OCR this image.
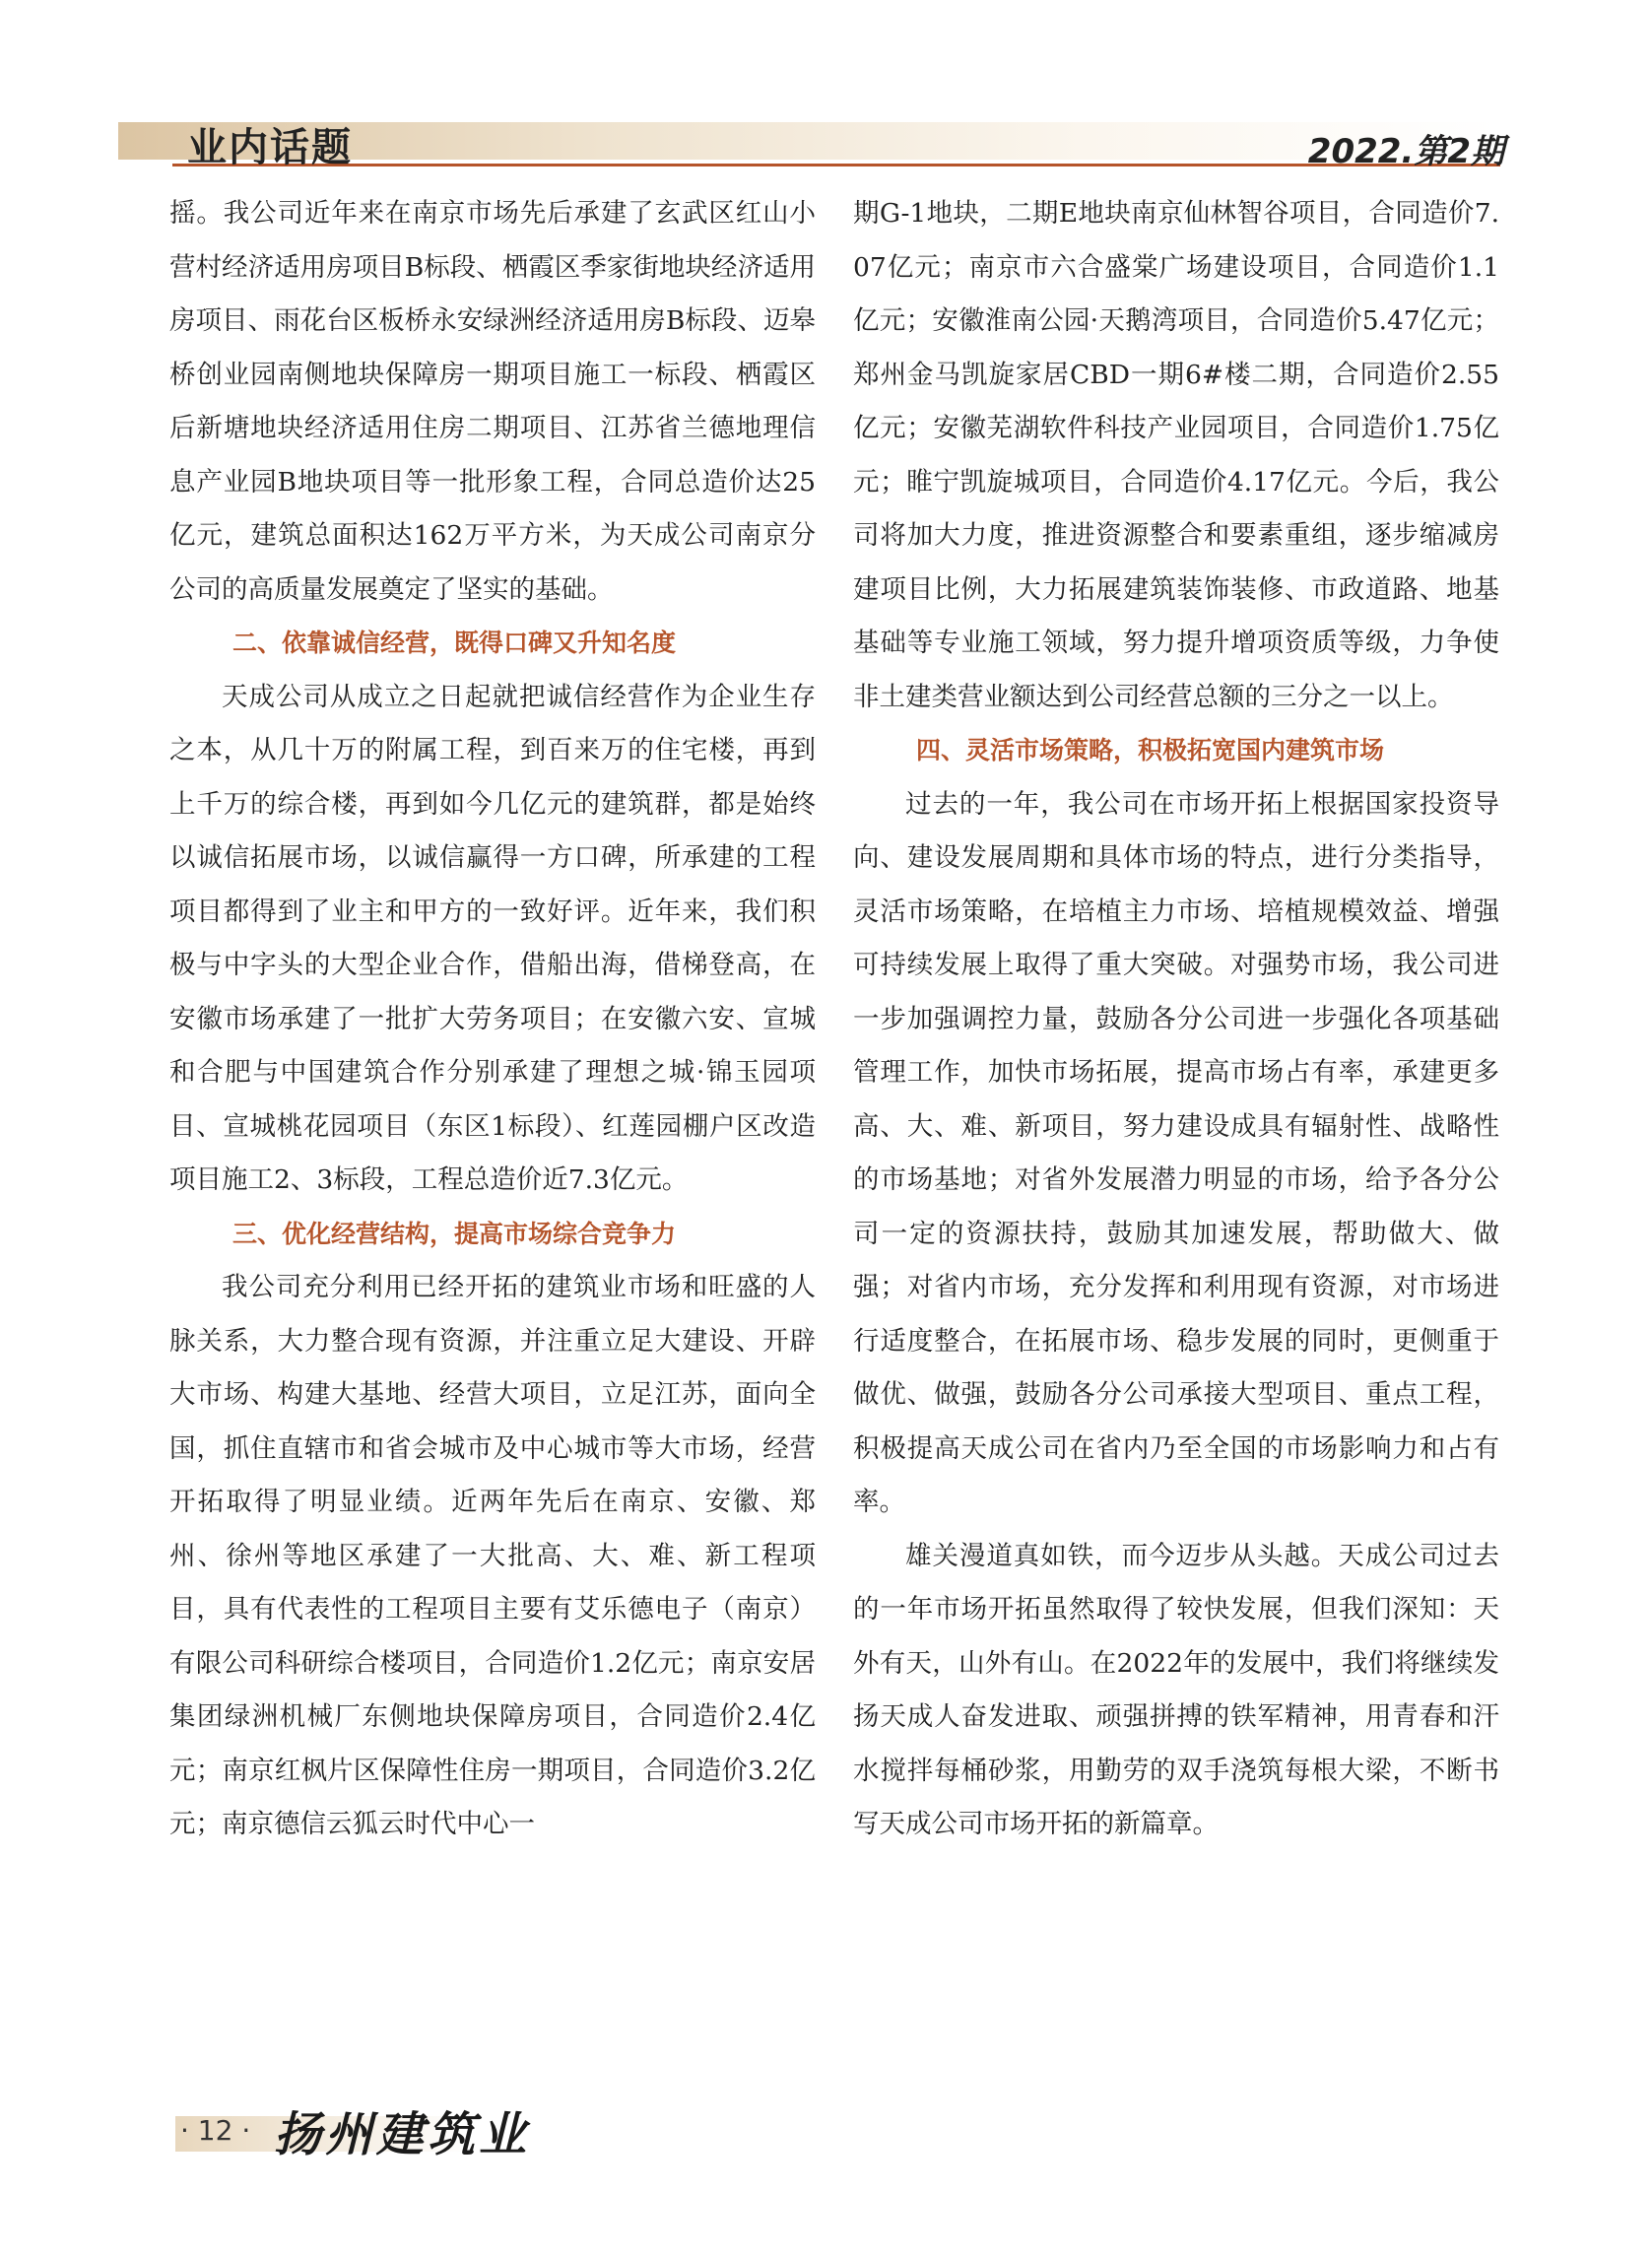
业内话题	2022.第2期

摇。我公司近年来在南京市场先后承建了玄武区红山小营村经济适用房项目B标段、栖霞区季家街地块经济适用房项目、雨花台区板桥永安绿洲经济适用房B标段、迈皋桥创业园南侧地块保障房一期项目施工一标段、栖霞区后新塘地块经济适用住房二期项目、江苏省兰德地理信息产业园B地块项目等一批形象工程，合同总造价达25亿元，建筑总面积达162万平方米，为天成公司南京分公司的高质量发展奠定了坚实的基础。

二、依靠诚信经营，既得口碑又升知名度

天成公司从成立之日起就把诚信经营作为企业生存之本，从几十万的附属工程，到百来万的住宅楼，再到上千万的综合楼，再到如今几亿元的建筑群，都是始终以诚信拓展市场，以诚信赢得一方口碑，所承建的工程项目都得到了业主和甲方的一致好评。近年来，我们积极与中字头的大型企业合作，借船出海，借梯登高，在安徽市场承建了一批扩大劳务项目；在安徽六安、宣城和合肥与中国建筑合作分别承建了理想之城·锦玉园项目、宣城桃花园项目（东区1标段）、红莲园棚户区改造项目施工2、3标段，工程总造价近7.3亿元。

三、优化经营结构，提高市场综合竞争力

我公司充分利用已经开拓的建筑业市场和旺盛的人脉关系，大力整合现有资源，并注重立足大建设、开辟大市场、构建大基地、经营大项目，立足江苏，面向全国，抓住直辖市和省会城市及中心城市等大市场，经营开拓取得了明显业绩。近两年先后在南京、安徽、郑州、徐州等地区承建了一大批高、大、难、新工程项目，具有代表性的工程项目主要有艾乐德电子（南京）有限公司科研综合楼项目，合同造价1.2亿元；南京安居集团绿洲机械厂东侧地块保障房项目，合同造价2.4亿元；南京红枫片区保障性住房一期项目，合同造价3.2亿元；南京德信云狐云时代中心一

期G-1地块，二期E地块南京仙林智谷项目，合同造价7.07亿元；南京市六合盛棠广场建设项目，合同造价1.1亿元；安徽淮南公园·天鹅湾项目，合同造价5.47亿元；郑州金马凯旋家居CBD一期6#楼二期，合同造价2.55亿元；安徽芜湖软件科技产业园项目，合同造价1.75亿元；睢宁凯旋城项目，合同造价4.17亿元。今后，我公司将加大力度，推进资源整合和要素重组，逐步缩减房建项目比例，大力拓展建筑装饰装修、市政道路、地基基础等专业施工领域，努力提升增项资质等级，力争使非土建类营业额达到公司经营总额的三分之一以上。

四、灵活市场策略，积极拓宽国内建筑市场

过去的一年，我公司在市场开拓上根据国家投资导向、建设发展周期和具体市场的特点，进行分类指导，灵活市场策略，在培植主力市场、培植规模效益、增强可持续发展上取得了重大突破。对强势市场，我公司进一步加强调控力量，鼓励各分公司进一步强化各项基础管理工作，加快市场拓展，提高市场占有率，承建更多高、大、难、新项目，努力建设成具有辐射性、战略性的市场基地；对省外发展潜力明显的市场，给予各分公司一定的资源扶持，鼓励其加速发展，帮助做大、做强；对省内市场，充分发挥和利用现有资源，对市场进行适度整合，在拓展市场、稳步发展的同时，更侧重于做优、做强，鼓励各分公司承接大型项目、重点工程，积极提高天成公司在省内乃至全国的市场影响力和占有率。

雄关漫道真如铁，而今迈步从头越。天成公司过去的一年市场开拓虽然取得了较快发展，但我们深知：天外有天，山外有山。在2022年的发展中，我们将继续发扬天成人奋发进取、顽强拼搏的铁军精神，用青春和汗水搅拌每桶砂浆，用勤劳的双手浇筑每根大梁，不断书写天成公司市场开拓的新篇章。

· 12 · 扬州建筑业
